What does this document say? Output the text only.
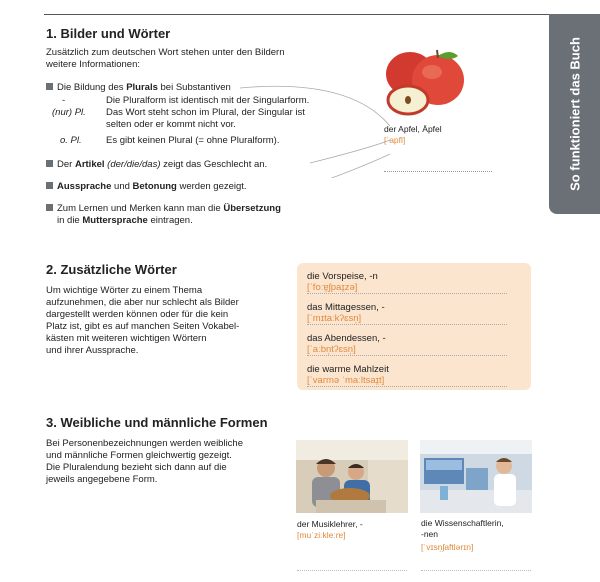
So funktioniert das Buch
1. Bilder und Wörter

Zusätzlich zum deutschen Wort stehen unter den Bildern
weitere Informationen:

Die Bildung des Plurals bei Substantiven

-	Die Pluralform ist identisch mit der Singularform.

(nur) Pl. Das Wort steht schon im Plural, der Singular ist

selten oder er kommt nicht vor.

o. Pl.	Es gibt keinen Plural (= ohne Pluralform).

Der Artikel (der/die/das) zeigt das Geschlecht an.

Aussprache und Betonung werden gezeigt.

Zum Lernen und Merken kann man die Übersetzung
in die Muttersprache eintragen.

der Apfel, Äpfel

[ˈapfl]

2. Zusätzliche Wörter

Um wichtige Wörter zu einem Thema
aufzunehmen, die aber nur schlecht als Bilder
dargestellt werden können oder für die kein
Platz ist, gibt es auf manchen Seiten Vokabel-
kästen mit weiteren wichtigen Wörtern
und ihrer Aussprache.

die Vorspeise, -n

[ˈfoːɐ̯ʃpaɪ̯zə]
das Mittagessen, -

[ˈmɪtaːkʔɛsn̩]
das Abendessen, -

[ˈaːbn̩tʔɛsn̩]
die warme Mahlzeit

[ˈvarmə ˈmaːltsaɪ̯t]
3. Weibliche und männliche Formen

Bei Personenbezeichnungen werden weibliche
und männliche Formen gleichwertig gezeigt.
Die Pluralendung bezieht sich dann auf die
jeweils angegebene Form.

der Musiklehrer, -

[muˈziːkleːrɐ]

die Wissenschaftlerin,
-nen

[ˈvɪsn̩ʃaftlərɪn]
